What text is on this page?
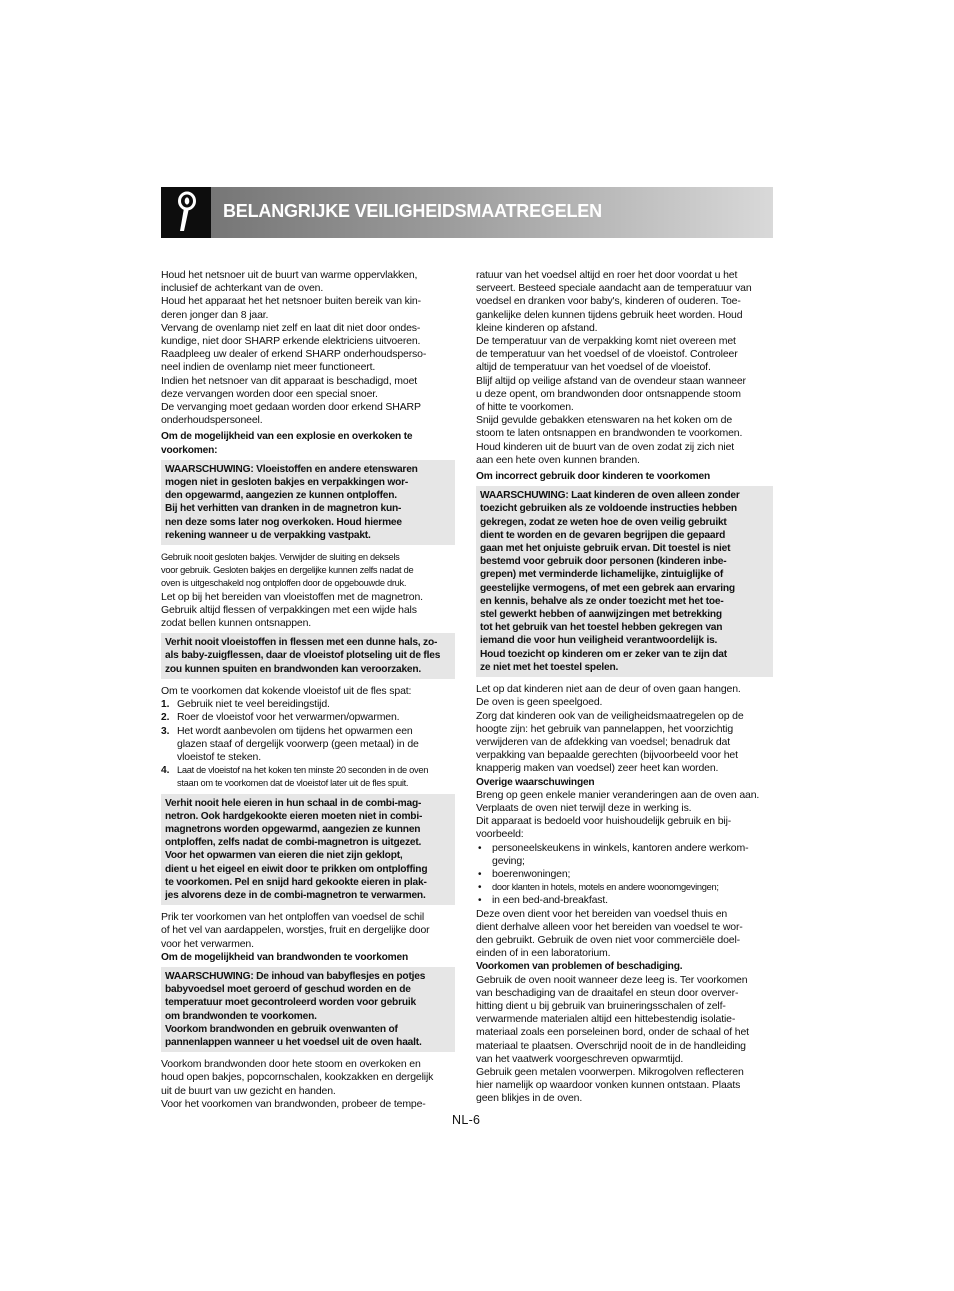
BELANGRIJKE VEILIGHEIDSMAATREGELEN
Houd het netsnoer uit de buurt van warme oppervlakken,
inclusief de achterkant van de oven.
Houd het apparaat het het netsnoer buiten bereik van kin-
deren jonger dan 8 jaar.
Vervang de ovenlamp niet zelf en laat dit niet door ondes-
kundige, niet door SHARP erkende elektriciens uitvoeren.
Raadpleeg uw dealer of erkend SHARP onderhoudsperso-
neel indien de ovenlamp niet meer functioneert.
Indien het netsnoer van dit apparaat is beschadigd, moet
deze vervangen worden door een special snoer.
De vervanging moet gedaan worden door erkend SHARP
onderhoudspersoneel.
Om de mogelijkheid van een explosie en overkoken te
voorkomen:
WAARSCHUWING: Vloeistoffen en andere etenswaren
mogen niet in gesloten bakjes en verpakkingen wor-
den opgewarmd, aangezien ze kunnen ontploffen.
Bij het verhitten van dranken in de magnetron kun-
nen deze soms later nog overkoken. Houd hiermee
rekening wanneer u de verpakking vastpakt.
Gebruik nooit gesloten bakjes. Verwijder de sluiting en deksels
voor gebruik. Gesloten bakjes en dergelijke kunnen zelfs nadat de
oven is uitgeschakeld nog ontploffen door de opgebouwde druk.
Let op bij het bereiden van vloeistoffen met de magnetron.
Gebruik altijd flessen of verpakkingen met een wijde hals
zodat bellen kunnen ontsnappen.
Verhit nooit vloeistoffen in flessen met een dunne hals, zo-
als baby-zuigflessen, daar de vloeistof plotseling uit de fles
zou kunnen spuiten en brandwonden kan veroorzaken.
Om te voorkomen dat kokende vloeistof uit de fles spat:
1. Gebruik niet te veel bereidingstijd.
2. Roer de vloeistof voor het verwarmen/opwarmen.
3. Het wordt aanbevolen om tijdens het opwarmen een
glazen staaf of dergelijk voorwerp (geen metaal) in de
vloeistof te steken.
4. Laat de vloeistof na het koken ten minste 20 seconden in de oven
staan om te voorkomen dat de vloeistof later uit de fles spuit.
Verhit nooit hele eieren in hun schaal in de combi-mag-
netron. Ook hardgekookte eieren moeten niet in combi-
magnetrons worden opgewarmd, aangezien ze kunnen
ontploffen, zelfs nadat de combi-magnetron is uitgezet.
Voor het opwarmen van eieren die niet zijn geklopt,
dient u het eigeel en eiwit door te prikken om ontploffing
te voorkomen. Pel en snijd hard gekookte eieren in plak-
jes alvorens deze in de combi-magnetron te verwarmen.
Prik ter voorkomen van het ontploffen van voedsel de schil
of het vel van aardappelen, worstjes, fruit en dergelijke door
voor het verwarmen.
Om de mogelijkheid van brandwonden te voorkomen
WAARSCHUWING: De inhoud van babyflesjes en potjes
babyvoedsel moet geroerd of geschud worden en de
temperatuur moet gecontroleerd worden voor gebruik
om brandwonden te voorkomen.
Voorkom brandwonden en gebruik ovenwanten of
pannenlappen wanneer u het voedsel uit de oven haalt.
Voorkom brandwonden door hete stoom en overkoken en
houd open bakjes, popcornschalen, kookzakken en dergelijk
uit de buurt van uw gezicht en handen.
Voor het voorkomen van brandwonden, probeer de tempe-
ratuur van het voedsel altijd en roer het door voordat u het
serveert. Besteed speciale aandacht aan de temperatuur van
voedsel en dranken voor baby's, kinderen of ouderen. Toe-
gankelijke delen kunnen tijdens gebruik heet worden. Houd
kleine kinderen op afstand.
De temperatuur van de verpakking komt niet overeen met
de temperatuur van het voedsel of de vloeistof. Controleer
altijd de temperatuur van het voedsel of de vloeistof.
Blijf altijd op veilige afstand van de ovendeur staan wanneer
u deze opent, om brandwonden door ontsnappende stoom
of hitte te voorkomen.
Snijd gevulde gebakken etenswaren na het koken om de
stoom te laten ontsnappen en brandwonden te voorkomen.
Houd kinderen uit de buurt van de oven zodat zij zich niet
aan een hete oven kunnen branden.
Om incorrect gebruik door kinderen te voorkomen
WAARSCHUWING: Laat kinderen de oven alleen zonder
toezicht gebruiken als ze voldoende instructies hebben
gekregen, zodat ze weten hoe de oven veilig gebruikt
dient te worden en de gevaren begrijpen die gepaard
gaan met het onjuiste gebruik ervan. Dit toestel is niet
bestemd voor gebruik door personen (kinderen inbe-
grepen) met verminderde lichamelijke, zintuiglijke of
geestelijke vermogens, of met een gebrek aan ervaring
en kennis, behalve als ze onder toezicht met het toe-
stel gewerkt hebben of aanwijzingen met betrekking
tot het gebruik van het toestel hebben gekregen van
iemand die voor hun veiligheid verantwoordelijk is.
Houd toezicht op kinderen om er zeker van te zijn dat
ze niet met het toestel spelen.
Let op dat kinderen niet aan de deur of oven gaan hangen.
De oven is geen speelgoed.
Zorg dat kinderen ook van de veiligheidsmaatregelen op de
hoogte zijn: het gebruik van pannelappen, het voorzichtig
verwijderen van de afdekking van voedsel; benadruk dat
verpakking van bepaalde gerechten (bijvoorbeeld voor het
knapperig maken van voedsel) zeer heet kan worden.
Overige waarschuwingen
Breng op geen enkele manier veranderingen aan de oven aan.
Verplaats de oven niet terwijl deze in werking is.
Dit apparaat is bedoeld voor huishoudelijk gebruik en bij-
voorbeeld:
• personeelskeukens in winkels, kantoren andere werkom-
geving;
• boerenwoningen;
• door klanten in hotels, motels en andere woonomgevingen;
• in een bed-and-breakfast.
Deze oven dient voor het bereiden van voedsel thuis en
dient derhalve alleen voor het bereiden van voedsel te wor-
den gebruikt. Gebruik de oven niet voor commerciële doel-
einden of in een laboratorium.
Voorkomen van problemen of beschadiging.
Gebruik de oven nooit wanneer deze leeg is. Ter voorkomen
van beschadiging van de draaitafel en steun door overver-
hitting dient u bij gebruik van bruineringsschalen of zelf-
verwarmende materialen altijd een hittebestendig isolatie-
materiaal zoals een porseleinen bord, onder de schaal of het
materiaal te plaatsen. Overschrijd nooit de in de handleiding
van het vaatwerk voorgeschreven opwarmtijd.
Gebruik geen metalen voorwerpen. Mikrogolven reflecteren
hier namelijk op waardoor vonken kunnen ontstaan. Plaats
geen blikjes in de oven.
NL-6
